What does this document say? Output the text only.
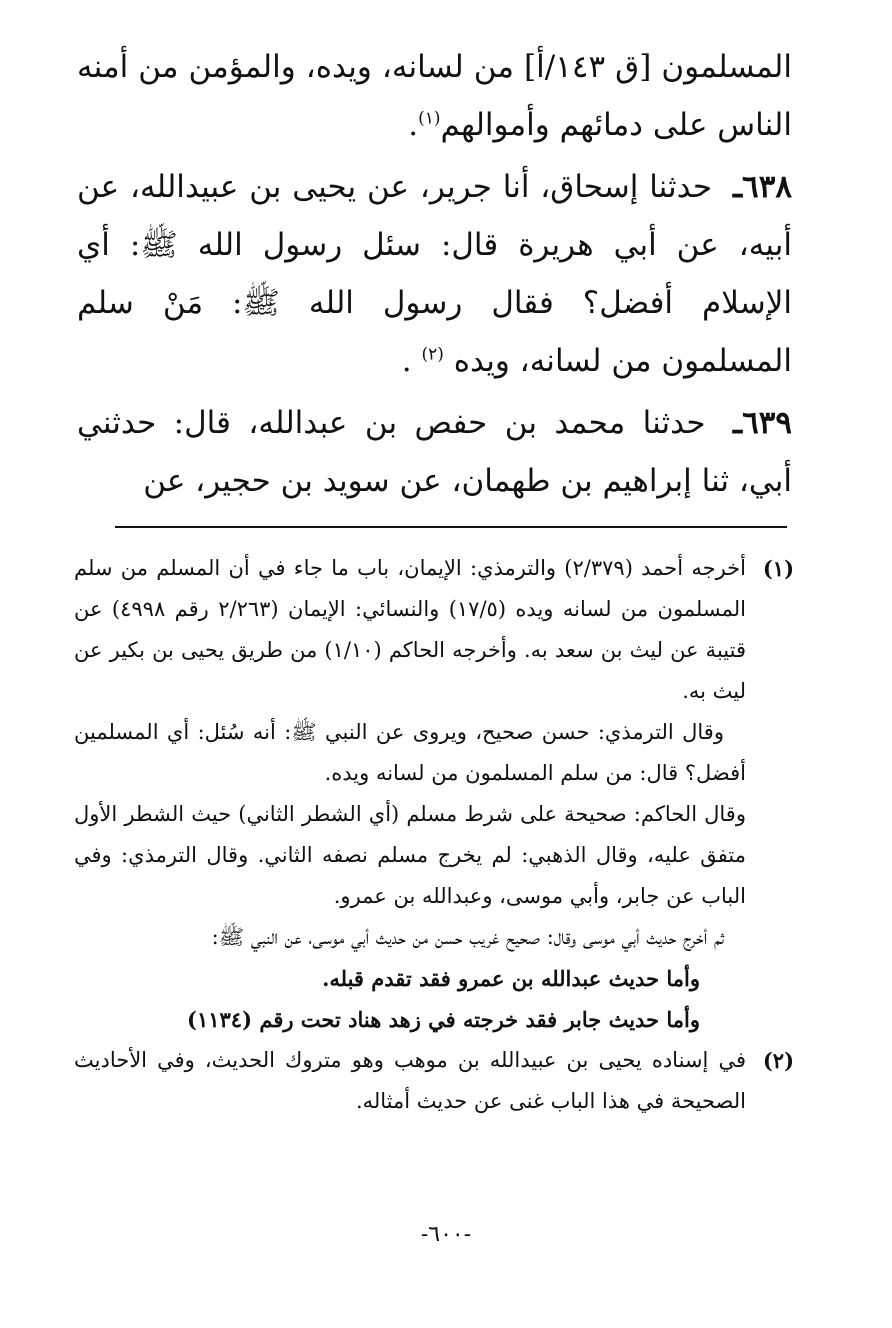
المسلمون [ق ١٤٣/أ] من لسانه، ويده، والمؤمن من أمنه الناس على دمائهم وأموالهم$^{(١)}$.

٦٣٨ـ حدثنا إسحاق، أنا جرير، عن يحيى بن عبيدالله، عن أبيه، عن أبي هريرة قال: سئل رسول الله ﷺ: أي الإسلام أفضل؟ فقال رسول الله ﷺ: مَنْ سلم المسلمون من لسانه، ويده $^{(٢)}$ .

٦٣٩ـ حدثنا محمد بن حفص بن عبدالله، قال: حدثني أبي، ثنا إبراهيم بن طهمان، عن سويد بن حجير، عن

(١)

أخرجه أحمد (٢/٣٧٩) والترمذي: الإيمان، باب ما جاء في أن المسلم من سلم المسلمون من لسانه ويده (١٧/٥) والنسائي: الإيمان (٢/٢٦٣ رقم ٤٩٩٨) عن قتيبة عن ليث بن سعد به. وأخرجه الحاكم (١/١٠) من طريق يحيى بن بكير عن ليث به.

وقال الترمذي: حسن صحيح، ويروى عن النبي ﷺ: أنه سُئل: أي المسلمين أفضل؟ قال: من سلم المسلمون من لسانه ويده.

وقال الحاكم: صحيحة على شرط مسلم (أي الشطر الثاني) حيث الشطر الأول متفق عليه، وقال الذهبي: لم يخرج مسلم نصفه الثاني. وقال الترمذي: وفي الباب عن جابر، وأبي موسى، وعبدالله بن عمرو.

ثم أخرج حديث أبي موسى وقال: صحيح غريب حسن من حديث أبي موسى، عن النبي ﷺ:

وأما حديث عبدالله بن عمرو فقد تقدم قبله.

وأما حديث جابر فقد خرجته في زهد هناد تحت رقم (١١٣٤)

(٢)

في إسناده يحيى بن عبيدالله بن موهب وهو متروك الحديث، وفي الأحاديث الصحيحة في هذا الباب غنى عن حديث أمثاله.

-٦٠٠-
